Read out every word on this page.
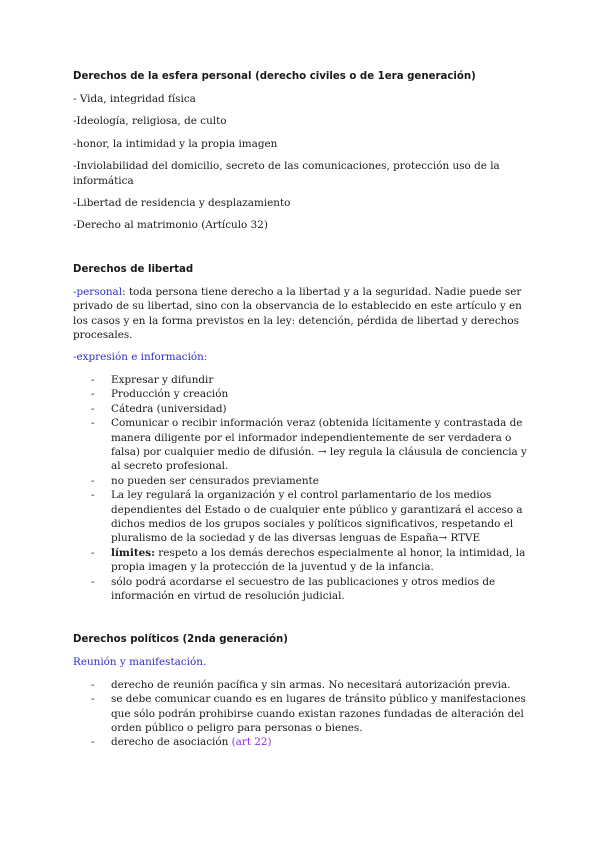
Derechos de la esfera personal (derecho civiles o de 1era generación)

- Vida, integridad física

-Ideología, religiosa, de culto

-honor, la intimidad y la propia imagen

-Inviolabilidad del domicilio, secreto de las comunicaciones, protección uso de la informática

-Libertad de residencia y desplazamiento

-Derecho al matrimonio (Artículo 32)

Derechos de libertad

-personal: toda persona tiene derecho a la libertad y a la seguridad. Nadie puede ser privado de su libertad, sino con la observancia de lo establecido en este artículo y en los casos y en la forma previstos en la ley: detención, pérdida de libertad y derechos procesales.

-expresión e información:

- Expresar y difundir
- Producción y creación
- Cátedra (universidad)
- Comunicar o recibir información veraz (obtenida lícitamente y contrastada de manera diligente por el informador independientemente de ser verdadera o falsa) por cualquier medio de difusión. → ley regula la cláusula de conciencia y al secreto profesional.
- no pueden ser censurados previamente
- La ley regulará la organización y el control parlamentario de los medios dependientes del Estado o de cualquier ente público y garantizará el acceso a dichos medios de los grupos sociales y políticos significativos, respetando el pluralismo de la sociedad y de las diversas lenguas de España→ RTVE
- límites: respeto a los demás derechos especialmente al honor, la intimidad, la propia imagen y la protección de la juventud y de la infancia.
- sólo podrá acordarse el secuestro de las publicaciones y otros medios de información en virtud de resolución judicial.
Derechos políticos (2nda generación)

Reunión y manifestación.

- derecho de reunión pacífica y sin armas. No necesitará autorización previa.
- se debe comunicar cuando es en lugares de tránsito público y manifestaciones que sólo podrán prohibirse cuando existan razones fundadas de alteración del orden público o peligro para personas o bienes.
- derecho de asociación (art 22)
